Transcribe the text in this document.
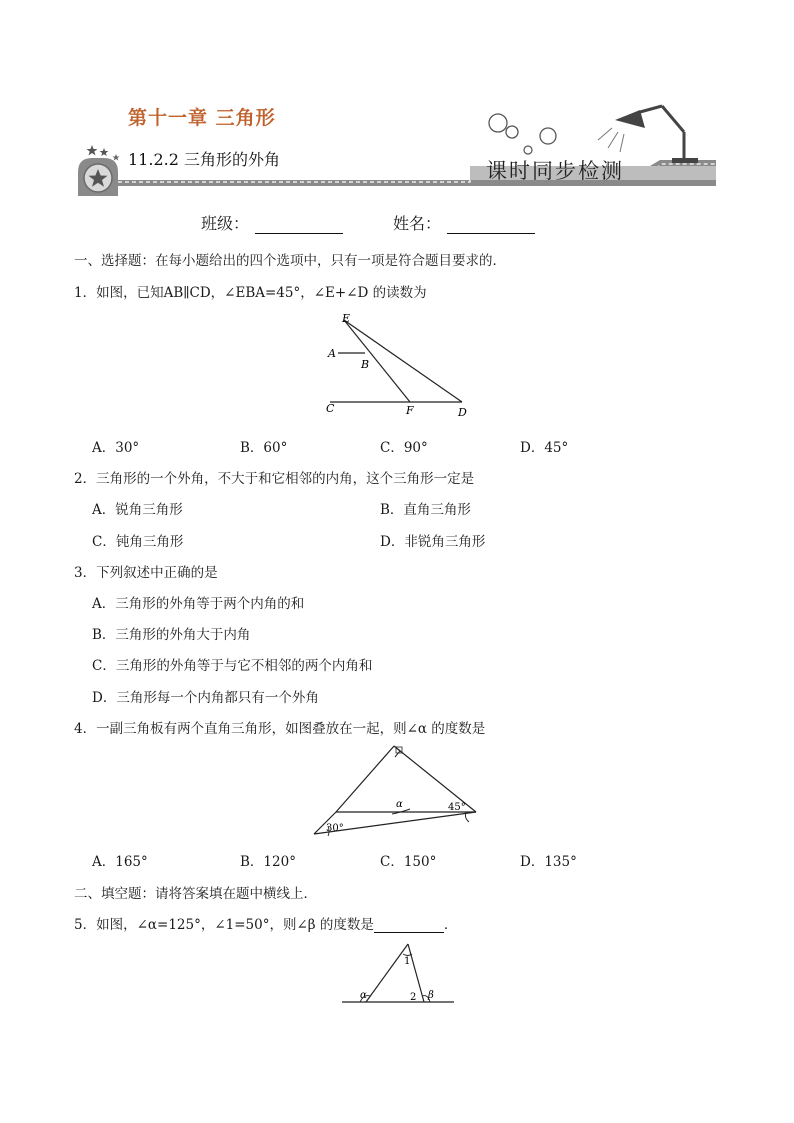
第十一章 三角形
11.2.2 三角形的外角	课时同步检测
班级：	姓名：
一、选择题：在每小题给出的四个选项中，只有一项是符合题目要求的．
1．如图，已知AB∥CD，∠EBA=45°，∠E+∠D 的读数为
E
A
B
C	F	D
A．30°	B．60°	C．90°	D．45°
2．三角形的一个外角，不大于和它相邻的内角，这个三角形一定是
A．锐角三角形	B．直角三角形
C．钝角三角形	D．非锐角三角形
3．下列叙述中正确的是
A．三角形的外角等于两个内角的和
B．三角形的外角大于内角
C．三角形的外角等于与它不相邻的两个内角和
D．三角形每一个内角都只有一个外角
4．一副三角板有两个直角三角形，如图叠放在一起，则∠α 的度数是
α	45°
30°
A．165°	B．120°	C．150°	D．135°
二、填空题：请将答案填在题中横线上．
5．如图，∠α=125°，∠1=50°，则∠β 的度数是	．
1
2
α	β
